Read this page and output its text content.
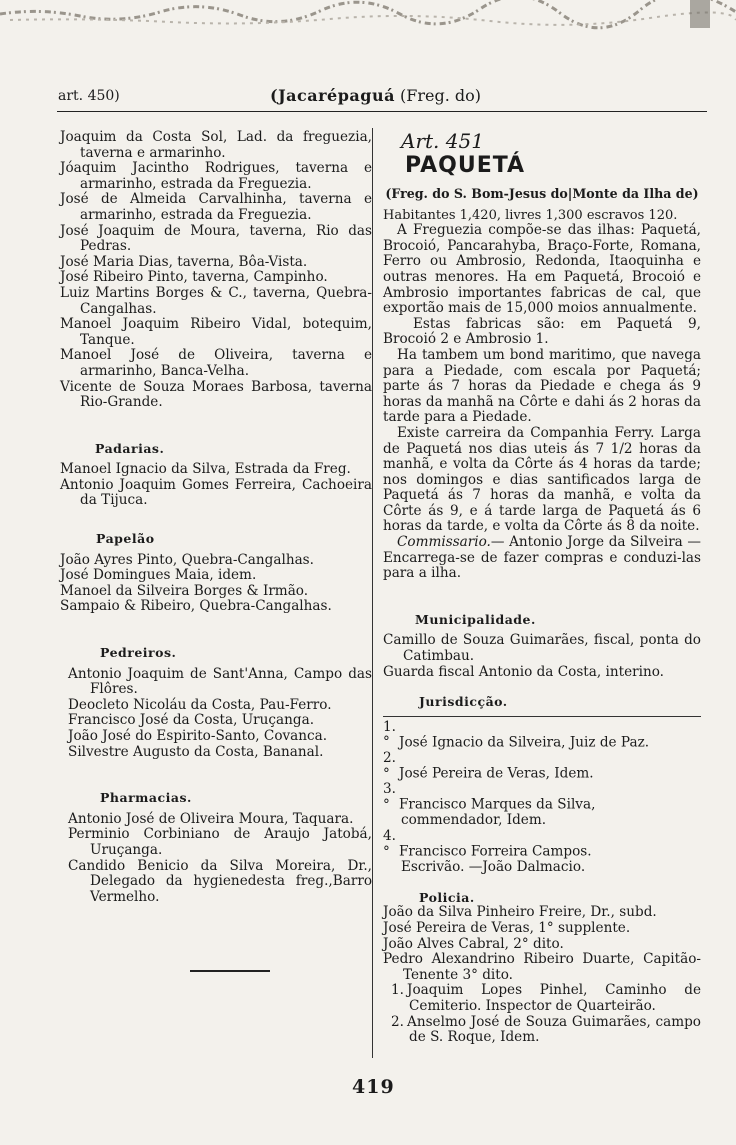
art. 450)	(Jacarépaguá (Freg. do)
Joaquim da Costa Sol, Lad. da freguezia, taverna e armarinho.
Jóaquim Jacintho Rodrigues, taverna e armarinho, estrada da Freguezia.
José de Almeida Carvalhinha, taverna e armarinho, estrada da Freguezia.
José Joaquim de Moura, taverna, Rio das Pedras.
José Maria Dias, taverna, Bôa-Vista.
José Ribeiro Pinto, taverna, Campinho.
Luiz Martins Borges & C., taverna, Quebra-Cangalhas.
Manoel Joaquim Ribeiro Vidal, botequim, Tanque.
Manoel José de Oliveira, taverna e armarinho, Banca-Velha.
Vicente de Souza Moraes Barbosa, taverna Rio-Grande.
Padarias.
Manoel Ignacio da Silva, Estrada da Freg.
Antonio Joaquim Gomes Ferreira, Cachoeira da Tijuca.
Papelão
João Ayres Pinto, Quebra-Cangalhas.
José Domingues Maia, idem.
Manoel da Silveira Borges & Irmão.
Sampaio & Ribeiro, Quebra-Cangalhas.
Pedreiros.
Antonio Joaquim de Sant'Anna, Campo das Flôres.
Deocleto Nicoláu da Costa, Pau-Ferro.
Francisco José da Costa, Uruçanga.
João José do Espirito-Santo, Covanca.
Silvestre Augusto da Costa, Bananal.
Pharmacias.
Antonio José de Oliveira Moura, Taquara.
Perminio Corbiniano de Araujo Jatobá, Uruçanga.
Candido Benicio da Silva Moreira, Dr., Delegado da hygienedesta freg.,Barro Vermelho.
Art. 451
PAQUETÁ
(Freg. do S. Bom-Jesus do|Monte da Ilha de)
Habitantes 1,420, livres 1,300 escravos 120.
A Freguezia compõe-se das ilhas: Paquetá, Brocoió, Pancarahyba, Braço-Forte, Romana, Ferro ou Ambrosio, Redonda, Itaoquinha e outras menores. Ha em Paquetá, Brocoió e Ambrosio importantes fabricas de cal, que exportão mais de 15,000 moios annualmente.
Estas fabricas são: em Paquetá 9, Brocoió 2 e Ambrosio 1.
Ha tambem um bond maritimo, que navega para a Piedade, com escala por Paquetá; parte ás 7 horas da Piedade e chega ás 9 horas da manhã na Côrte e dahi ás 2 horas da tarde para a Piedade.
Existe carreira da Companhia Ferry. Larga de Paquetá nos dias uteis ás 7 1/2 horas da manhã, e volta da Côrte ás 4 horas da tarde; nos domingos e dias santificados larga de Paquetá ás 7 horas da manhã, e volta da Côrte ás 9, e á tarde larga de Paquetá ás 6 horas da tarde, e volta da Côrte ás 8 da noite.
Commissario.— Antonio Jorge da Silveira — Encarrega-se de fazer compras e conduzi-las para a ilha.
Municipalidade.
Camillo de Souza Guimarães, fiscal, ponta do Catimbau.
Guarda fiscal Antonio da Costa, interino.
Jurisdicção.
1.° José Ignacio da Silveira, Juiz de Paz.
2.° José Pereira de Veras, Idem.
3.° Francisco Marques da Silva, commendador, Idem.
4.° Francisco Forreira Campos.
Escrivão. —João Dalmacio.
Policia.
João da Silva Pinheiro Freire, Dr., subd.
José Pereira de Veras, 1° supplente.
João Alves Cabral, 2° dito.
Pedro Alexandrino Ribeiro Duarte, Capitão-Tenente 3° dito.
1. Joaquim Lopes Pinhel, Caminho de Cemiterio. Inspector de Quarteirão.
2. Anselmo José de Souza Guimarães, campo de S. Roque, Idem.
419
